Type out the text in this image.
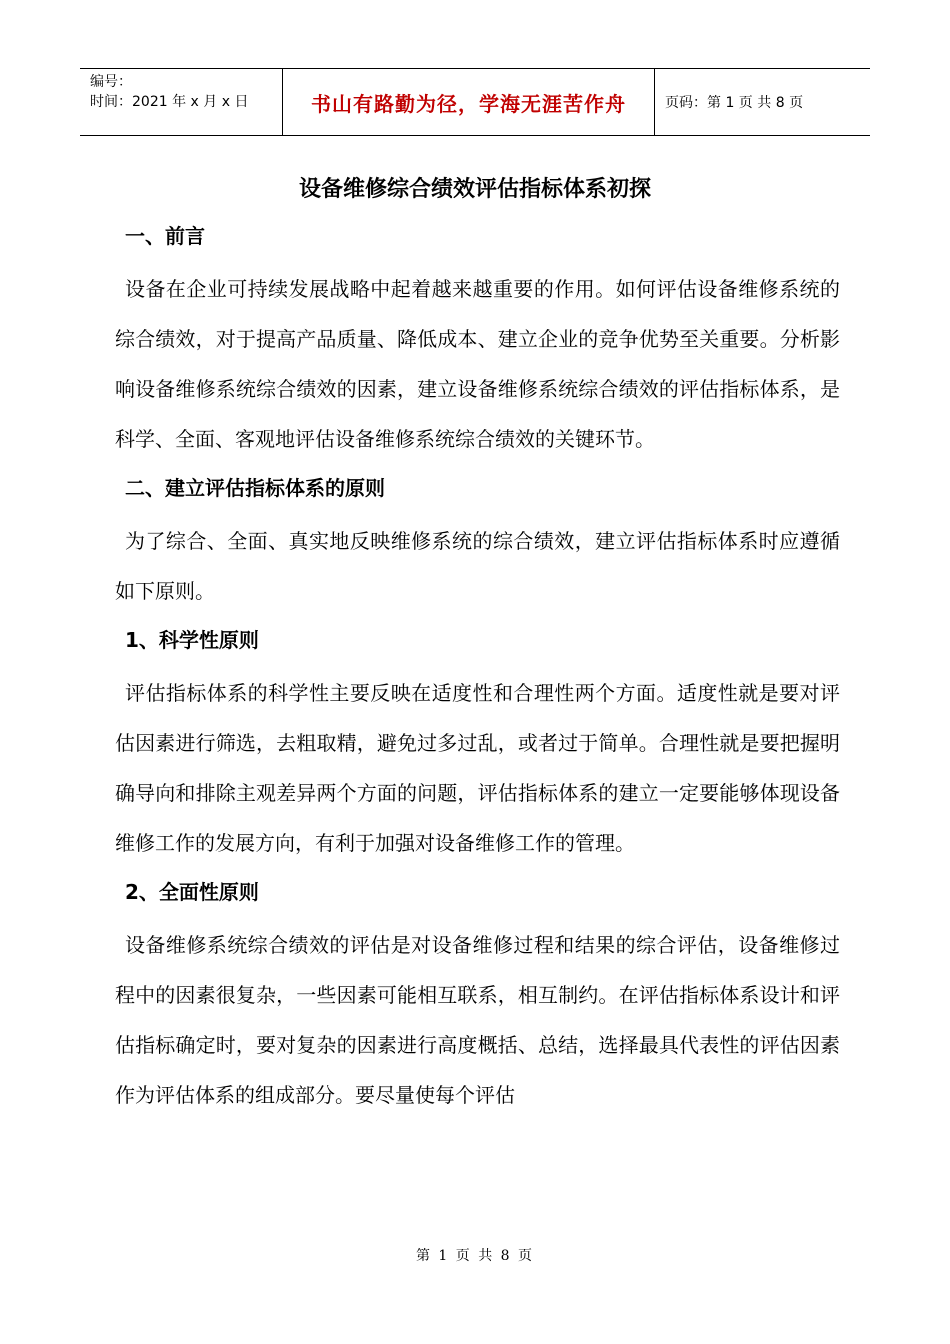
编号：
时间：2021 年 x 月 x 日	书山有路勤为径，学海无涯苦作舟	页码：第 1 页 共 8 页
设备维修综合绩效评估指标体系初探
一、前言

设备在企业可持续发展战略中起着越来越重要的作用。如何评估设备维修系统的综合绩效，对于提高产品质量、降低成本、建立企业的竞争优势至关重要。分析影响设备维修系统综合绩效的因素，建立设备维修系统综合绩效的评估指标体系，是科学、全面、客观地评估设备维修系统综合绩效的关键环节。

二、建立评估指标体系的原则

为了综合、全面、真实地反映维修系统的综合绩效，建立评估指标体系时应遵循如下原则。

1、科学性原则

评估指标体系的科学性主要反映在适度性和合理性两个方面。适度性就是要对评估因素进行筛选，去粗取精，避免过多过乱，或者过于简单。合理性就是要把握明确导向和排除主观差异两个方面的问题，评估指标体系的建立一定要能够体现设备维修工作的发展方向，有利于加强对设备维修工作的管理。

2、全面性原则

设备维修系统综合绩效的评估是对设备维修过程和结果的综合评估，设备维修过程中的因素很复杂，一些因素可能相互联系，相互制约。在评估指标体系设计和评估指标确定时，要对复杂的因素进行高度概括、总结，选择最具代表性的评估因素作为评估体系的组成部分。要尽量使每个评估

第 1 页 共 8 页
